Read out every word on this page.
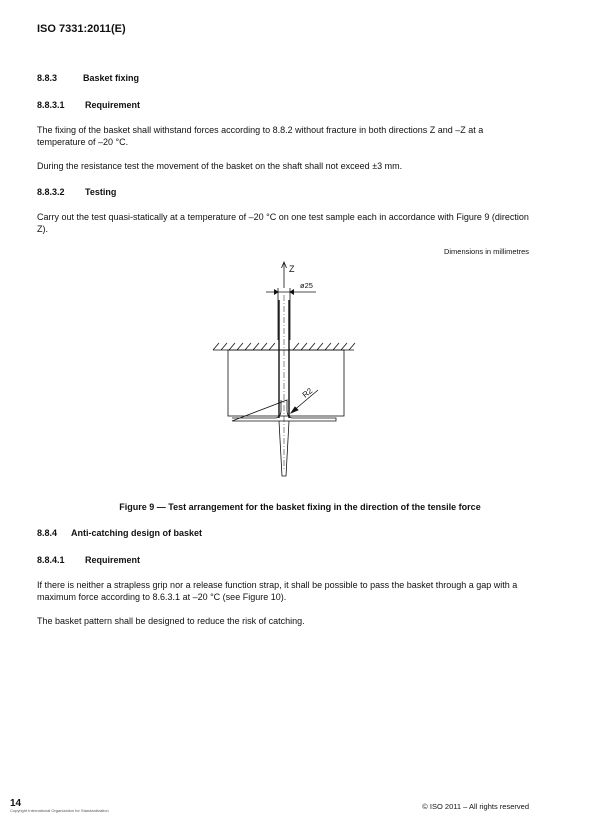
ISO 7331:2011(E)
8.8.3	Basket fixing
8.8.3.1 Requirement
The fixing of the basket shall withstand forces according to 8.8.2 without fracture in both directions Z and –Z at a temperature of –20 °C.
During the resistance test the movement of the basket on the shaft shall not exceed ±3 mm.
8.8.3.2 Testing
Carry out the test quasi-statically at a temperature of –20 °C on one test sample each in accordance with Figure 9 (direction Z).
Dimensions in millimetres
Z
ø25
R2
Figure 9 — Test arrangement for the basket fixing in the direction of the tensile force
8.8.4 Anti-catching design of basket
8.8.4.1 Requirement
If there is neither a strapless grip nor a release function strap, it shall be possible to pass the basket through a gap with a maximum force according to 8.6.3.1 at –20 °C (see Figure 10).
The basket pattern shall be designed to reduce the risk of catching.
14
Copyright International Organization for Standardization	© ISO 2011 – All rights reserved
